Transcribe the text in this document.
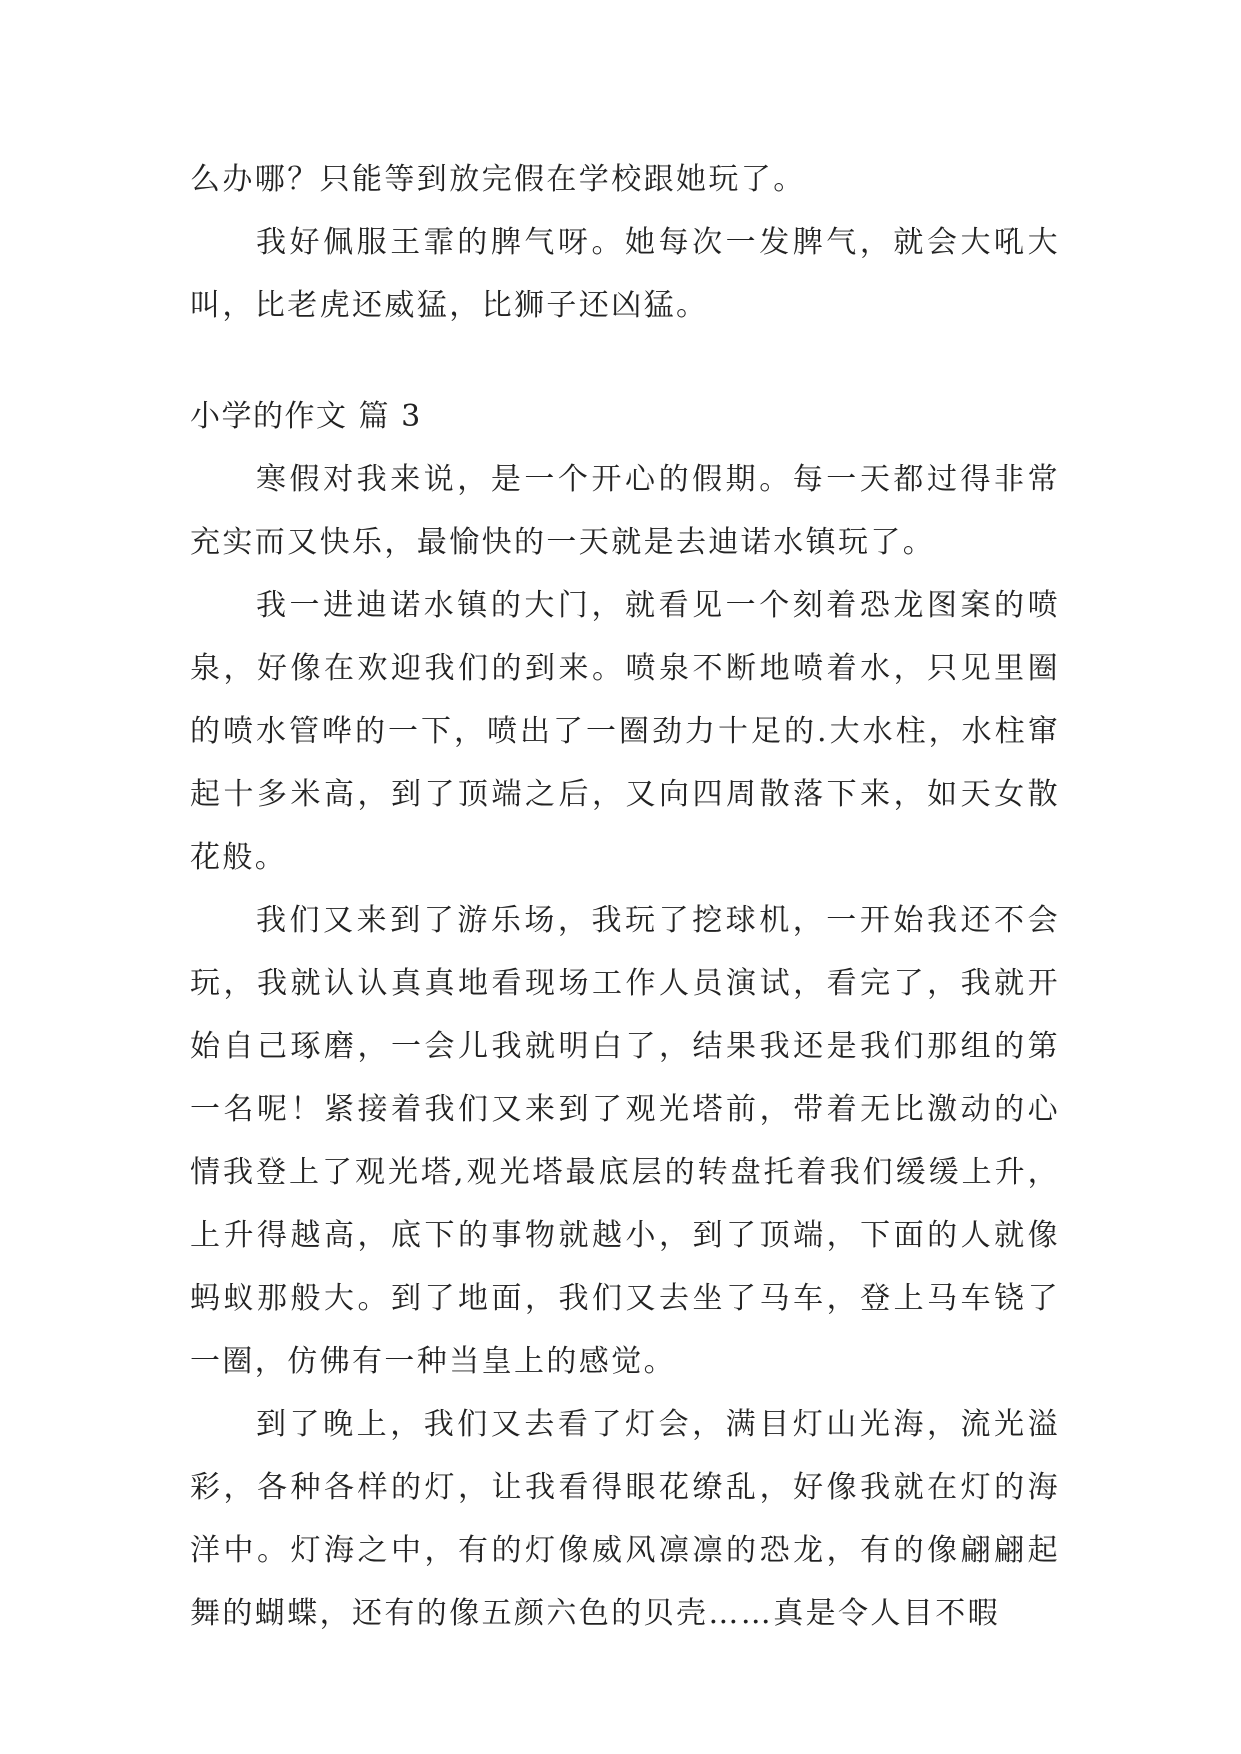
么办哪？只能等到放完假在学校跟她玩了。

我好佩服王霏的脾气呀。她每次一发脾气，就会大吼大叫，比老虎还威猛，比狮子还凶猛。

小学的作文 篇 3

寒假对我来说，是一个开心的假期。每一天都过得非常充实而又快乐，最愉快的一天就是去迪诺水镇玩了。

我一进迪诺水镇的大门，就看见一个刻着恐龙图案的喷泉，好像在欢迎我们的到来。喷泉不断地喷着水，只见里圈的喷水管哗的一下，喷出了一圈劲力十足的.大水柱，水柱窜起十多米高，到了顶端之后，又向四周散落下来，如天女散花般。

我们又来到了游乐场，我玩了挖球机，一开始我还不会玩，我就认认真真地看现场工作人员演试，看完了，我就开始自己琢磨，一会儿我就明白了，结果我还是我们那组的第一名呢！紧接着我们又来到了观光塔前，带着无比激动的心情我登上了观光塔,观光塔最底层的转盘托着我们缓缓上升，上升得越高，底下的事物就越小，到了顶端，下面的人就像蚂蚁那般大。到了地面，我们又去坐了马车，登上马车铙了一圈，仿佛有一种当皇上的感觉。

到了晚上，我们又去看了灯会，满目灯山光海，流光溢彩，各种各样的灯，让我看得眼花缭乱，好像我就在灯的海洋中。灯海之中，有的灯像威风凛凛的恐龙，有的像翩翩起舞的蝴蝶，还有的像五颜六色的贝壳……真是令人目不暇
